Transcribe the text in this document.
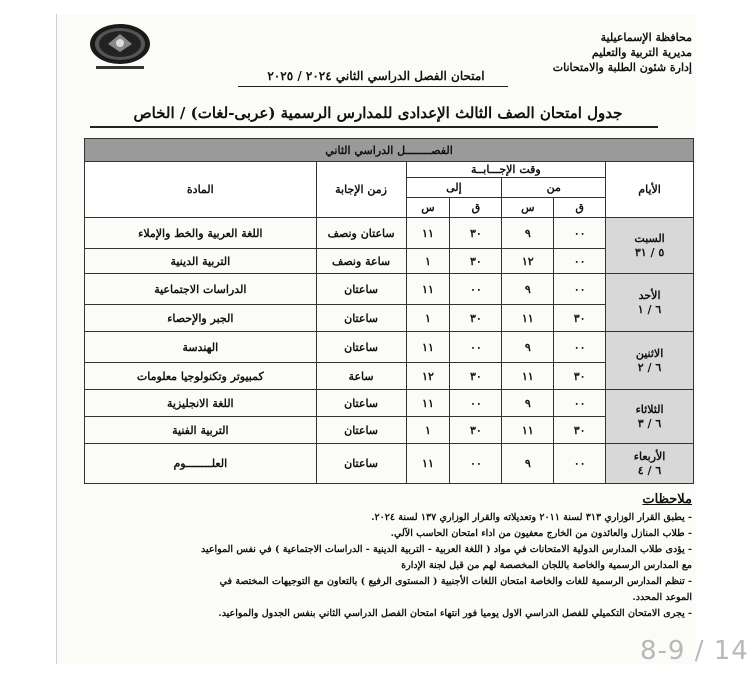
محافظة الإسماعيلية
مديرية التربية والتعليم
إدارة شئون الطلبة والامتحانات
امتحان الفصل الدراسي الثاني ٢٠٢٤ / ٢٠٢٥
جدول امتحان الصف الثالث الإعدادى للمدارس الرسمية (عربى-لغات) / الخاص
الفصــــــــل الدراسي الثاني						
الأيام	وقت الإجـــابــة				زمن الإجابة	المادة
	من		إلى			
	ق	س	ق	س		

السبت
٥ / ٣١	٠٠	٩	٣٠	١١	ساعتان ونصف	اللغة العربية والخط والإملاء
	٠٠	١٢	٣٠	١	ساعة ونصف	التربية الدينية

الأحد
٦ / ١	٠٠	٩	٠٠	١١	ساعتان	الدراسات الاجتماعية
	٣٠	١١	٣٠	١	ساعتان	الجبر والإحصاء

الاثنين
٦ / ٢	٠٠	٩	٠٠	١١	ساعتان	الهندسة
	٣٠	١١	٣٠	١٢	ساعة	كمبيوتر وتكنولوجيا معلومات

الثلاثاء
٦ / ٣	٠٠	٩	٠٠	١١	ساعتان	اللغة الانجليزية
	٣٠	١١	٣٠	١	ساعتان	التربية الفنية

الأربعاء
٦ / ٤	٠٠	٩	٠٠	١١	ساعتان	العلــــــــوم
ملاحظات
- يطبق القرار الوزاري ٣١٣ لسنة ٢٠١١ وتعديلاته والقرار الوزاري ١٣٧ لسنة ٢٠٢٤.
- طلاب المنازل والعائدون من الخارج معفيون من اداء امتحان الحاسب الآلي.
- يؤدى طلاب المدارس الدولية الامتحانات في مواد ( اللغة العربية - التربية الدينية - الدراسات الاجتماعية ) في نفس المواعيد
مع المدارس الرسمية والخاصة باللجان المخصصة لهم من قبل لجنة الإدارة
- تنظم المدارس الرسمية للغات والخاصة امتحان اللغات الأجنبية ( المستوى الرفيع ) بالتعاون مع التوجيهات المختصة في
الموعد المحدد.
- يجرى الامتحان التكميلي للفصل الدراسي الاول يوميا فور انتهاء امتحان الفصل الدراسي الثاني بنفس الجدول والمواعيد.
8-9 / 14
